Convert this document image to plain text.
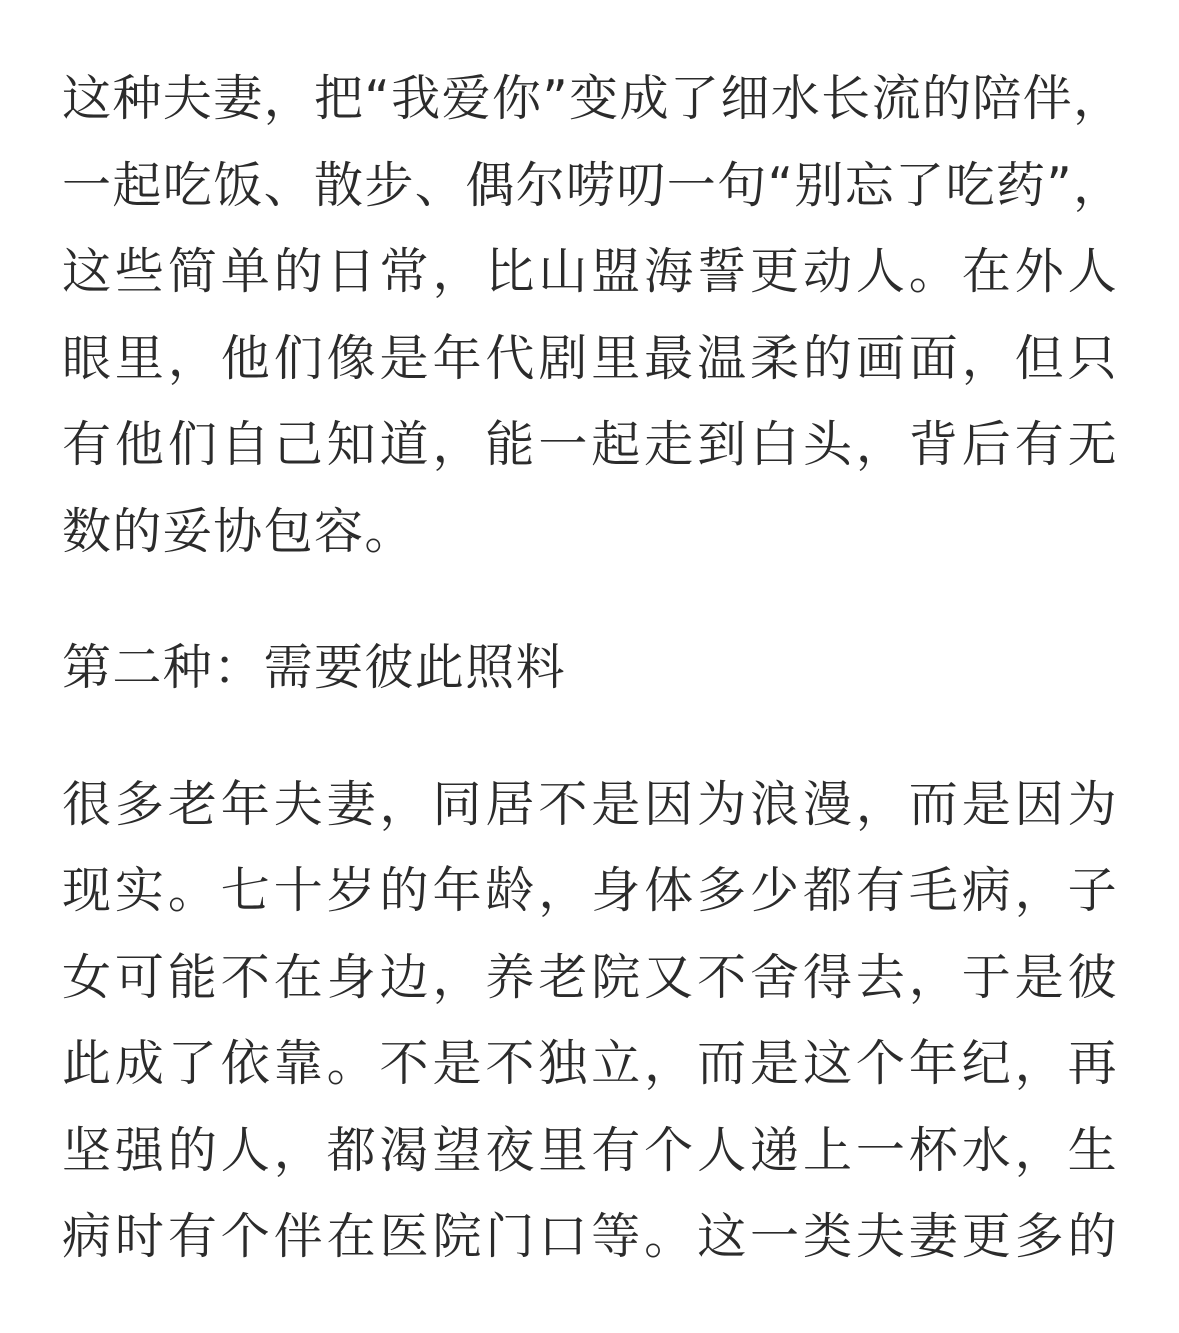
这种夫妻，把“我爱你”变成了细水长流的陪伴，
一起吃饭、散步、偶尔唠叨一句“别忘了吃药”，
这些简单的日常，比山盟海誓更动人。在外人
眼里，他们像是年代剧里最温柔的画面，但只
有他们自己知道，能一起走到白头，背后有无
数的妥协包容。

第二种：需要彼此照料

很多老年夫妻，同居不是因为浪漫，而是因为
现实。七十岁的年龄，身体多少都有毛病，子
女可能不在身边，养老院又不舍得去，于是彼
此成了依靠。不是不独立，而是这个年纪，再
坚强的人，都渴望夜里有个人递上一杯水，生
病时有个伴在医院门口等。这一类夫妻更多的
